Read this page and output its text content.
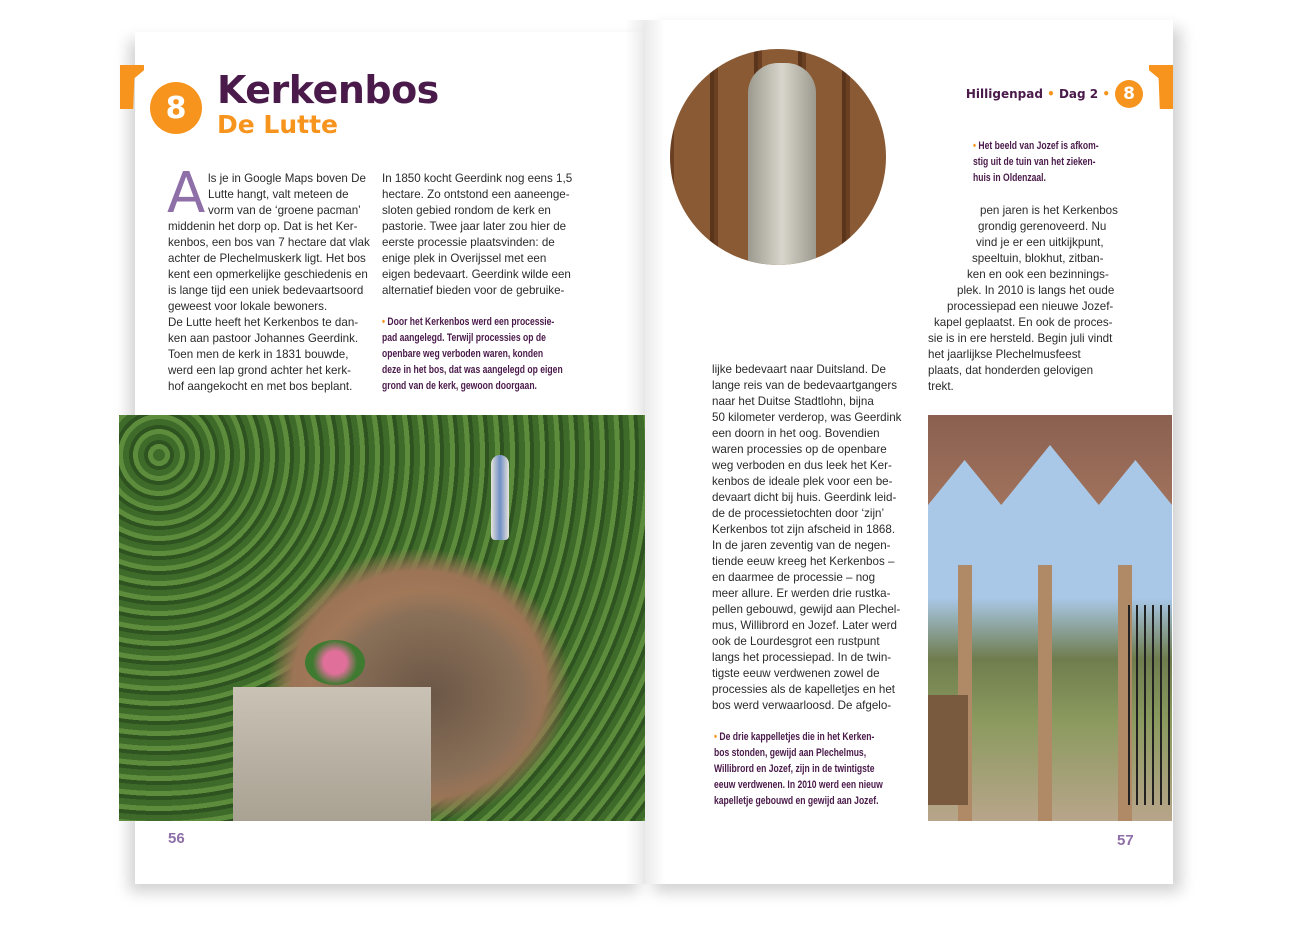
8 Kerkenbos
De Lutte
A ls je in Google Maps boven De
Lutte hangt, valt meteen de
vorm van de ‘groene pacman’
middenin het dorp op. Dat is het Ker-
kenbos, een bos van 7 hectare dat vlak
achter de Plechelmuskerk ligt. Het bos
kent een opmerkelijke geschiedenis en
is lange tijd een uniek bedevaartsoord
geweest voor lokale bewoners.
De Lutte heeft het Kerkenbos te dan-
ken aan pastoor Johannes Geerdink.
Toen men de kerk in 1831 bouwde,
werd een lap grond achter het kerk-
hof aangekocht en met bos beplant.
In 1850 kocht Geerdink nog eens 1,5
hectare. Zo ontstond een aaneenge-
sloten gebied rondom de kerk en
pastorie. Twee jaar later zou hier de
eerste processie plaatsvinden: de
enige plek in Overijssel met een
eigen bedevaart. Geerdink wilde een
alternatief bieden voor de gebruike-
• Door het Kerkenbos werd een processie-
pad aangelegd. Terwijl processies op de
openbare weg verboden waren, konden
deze in het bos, dat was aangelegd op eigen
grond van de kerk, gewoon doorgaan.
56
Hilligenpad • Dag 2 • 8
• Het beeld van Jozef is afkom-
stig uit de tuin van het zieken-
huis in Oldenzaal.
pen jaren is het Kerkenbos
grondig gerenoveerd. Nu
vind je er een uitkijkpunt,
speeltuin, blokhut, zitban-
ken en ook een bezinnings-
plek. In 2010 is langs het oude
processiepad een nieuwe Jozef-
kapel geplaatst. En ook de proces-
sie is in ere hersteld. Begin juli vindt
het jaarlijkse Plechelmusfeest
plaats, dat honderden gelovigen
trekt.
lijke bedevaart naar Duitsland. De
lange reis van de bedevaartgangers
naar het Duitse Stadtlohn, bijna
50 kilometer verderop, was Geerdink
een doorn in het oog. Bovendien
waren processies op de openbare
weg verboden en dus leek het Ker-
kenbos de ideale plek voor een be-
devaart dicht bij huis. Geerdink leid-
de de processietochten door ‘zijn’
Kerkenbos tot zijn afscheid in 1868.
In de jaren zeventig van de negen-
tiende eeuw kreeg het Kerkenbos –
en daarmee de processie – nog
meer allure. Er werden drie rustka-
pellen gebouwd, gewijd aan Plechel-
mus, Willibrord en Jozef. Later werd
ook de Lourdesgrot een rustpunt
langs het processiepad. In de twin-
tigste eeuw verdwenen zowel de
processies als de kapelletjes en het
bos werd verwaarloosd. De afgelo-
• De drie kappelletjes die in het Kerken-
bos stonden, gewijd aan Plechelmus,
Willibrord en Jozef, zijn in de twintigste
eeuw verdwenen. In 2010 werd een nieuw
kapelletje gebouwd en gewijd aan Jozef.
57
